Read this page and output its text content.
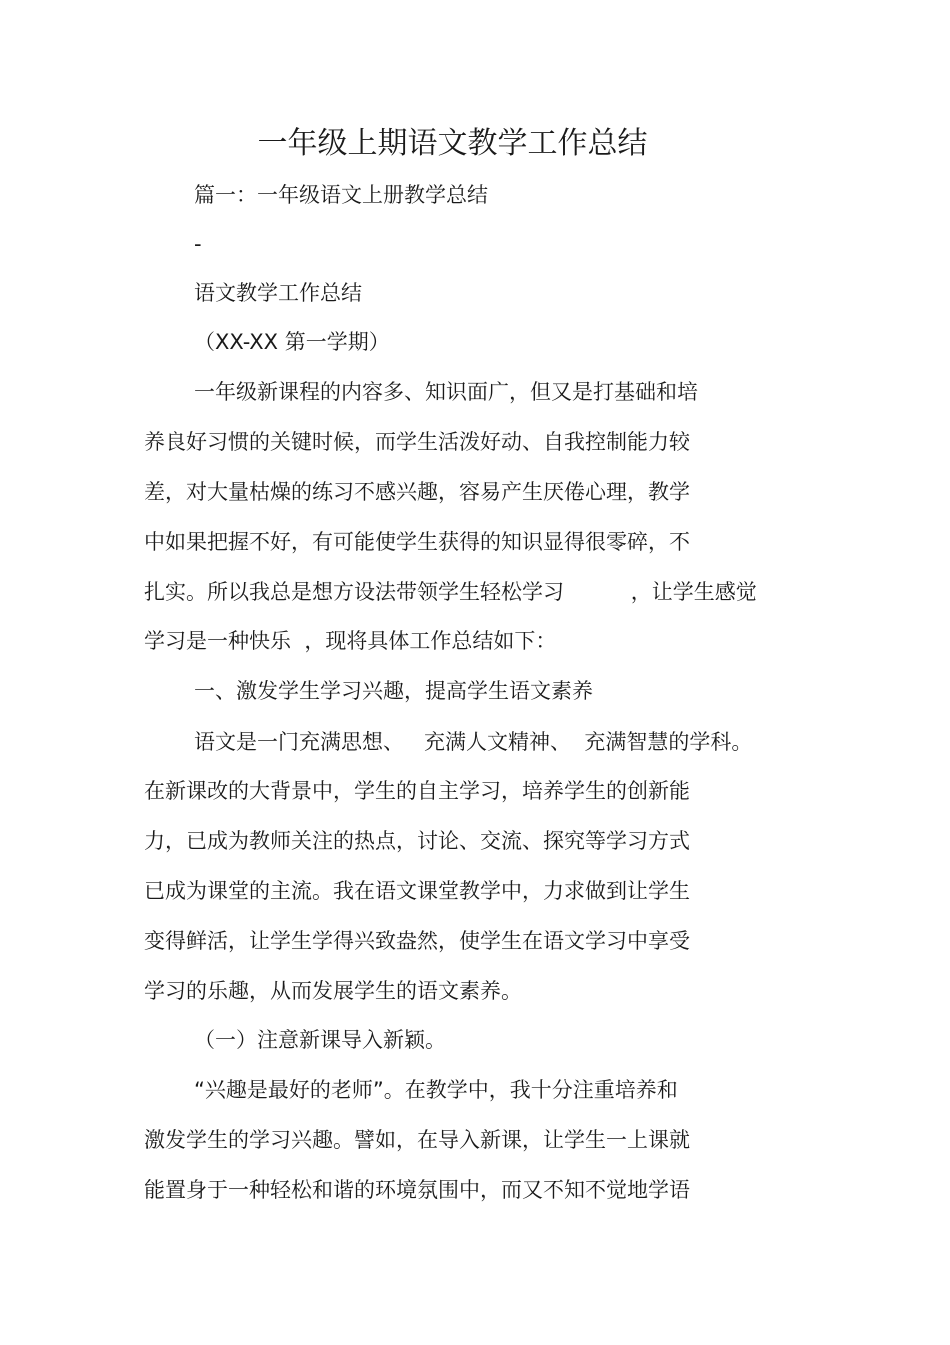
一年级上期语文教学工作总结
篇一：一年级语文上册教学总结
-
语文教学工作总结
（XX-XX 第一学期）
一年级新课程的内容多、知识面广，但又是打基础和培
养良好习惯的关键时候，而学生活泼好动、自我控制能力较
差，对大量枯燥的练习不感兴趣，容易产生厌倦心理，教学
中如果把握不好，有可能使学生获得的知识显得很零碎，不
扎实。所以我总是想方设法带领学生轻松学习          ，让学生感觉
学习是一种快乐  ，现将具体工作总结如下：
一、激发学生学习兴趣，提高学生语文素养
语文是一门充满思想、   充满人文精神、  充满智慧的学科。
在新课改的大背景中，学生的自主学习，培养学生的创新能
力，已成为教师关注的热点，讨论、交流、探究等学习方式
已成为课堂的主流。我在语文课堂教学中，力求做到让学生
变得鲜活，让学生学得兴致盎然，使学生在语文学习中享受
学习的乐趣，从而发展学生的语文素养。
（一）注意新课导入新颖。
“兴趣是最好的老师”。在教学中，我十分注重培养和
激发学生的学习兴趣。譬如，在导入新课，让学生一上课就
能置身于一种轻松和谐的环境氛围中，而又不知不觉地学语
